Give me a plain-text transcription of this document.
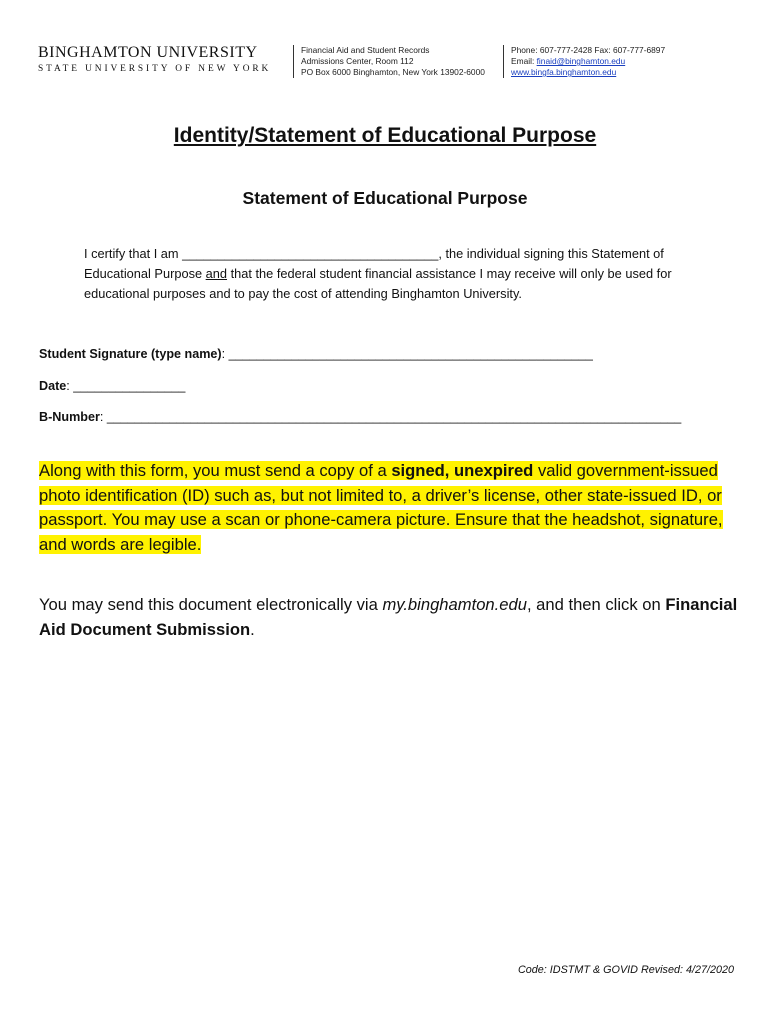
BINGHAMTON UNIVERSITY
STATE UNIVERSITY OF NEW YORK
Financial Aid and Student Records
Admissions Center, Room 112
PO Box 6000 Binghamton, New York 13902-6000
Phone: 607-777-2428 Fax: 607-777-6897
Email: finaid@binghamton.edu
www.bingfa.binghamton.edu
Identity/Statement of Educational Purpose
Statement of Educational Purpose
I certify that I am ____________________________________, the individual signing this Statement of Educational Purpose and that the federal student financial assistance I may receive will only be used for educational purposes and to pay the cost of attending Binghamton University.
Student Signature (type name): ____________________________________________________
Date: ________________
B-Number: __________________________________________________________________________________
Along with this form, you must send a copy of a signed, unexpired valid government-issued photo identification (ID) such as, but not limited to, a driver’s license, other state-issued ID, or passport. You may use a scan or phone-camera picture. Ensure that the headshot, signature, and words are legible.
You may send this document electronically via my.binghamton.edu, and then click on Financial Aid Document Submission.
Code: IDSTMT & GOVID Revised: 4/27/2020
